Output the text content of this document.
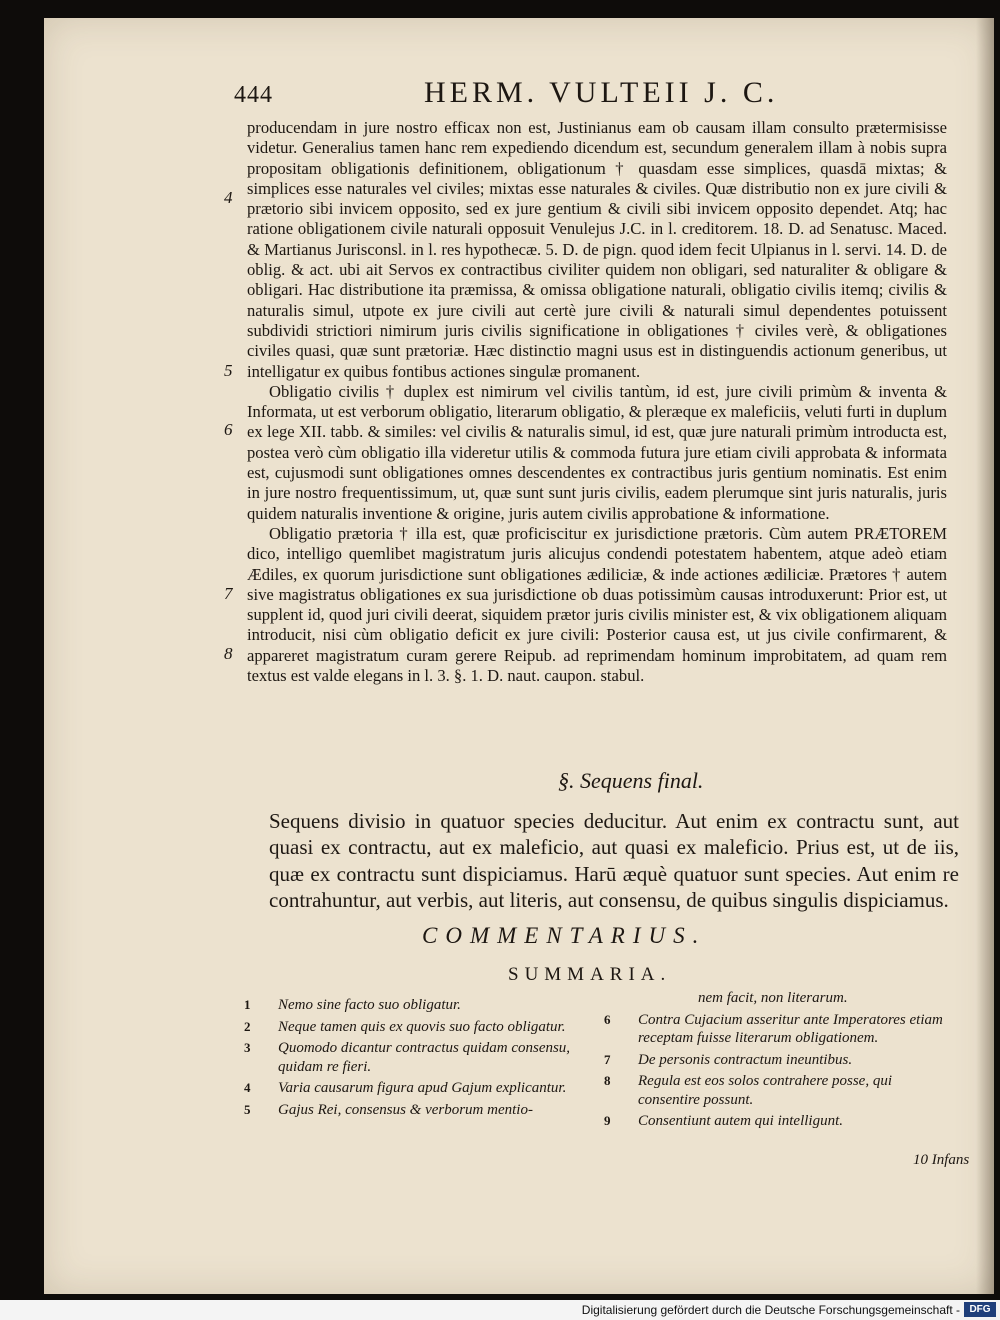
444	HERM. VULTEII J. C.
4
5
6
7
8

producendam in jure nostro efficax non est, Justinianus eam ob causam illam consulto prætermisisse videtur. Generalius tamen hanc rem expediendo dicendum est, secundum generalem illam à nobis supra propositam obligationis definitionem, obligationum † quasdam esse simplices, quasdā mixtas; & simplices esse naturales vel civiles; mixtas esse naturales & civiles. Quæ distributio non ex jure civili & prætorio sibi invicem opposito, sed ex jure gentium & civili sibi invicem opposito dependet. Atq; hac ratione obligationem civile naturali opposuit Venulejus J.C. in l. creditorem. 18. D. ad Senatusc. Maced. & Martianus Jurisconsl. in l. res hypothecæ. 5. D. de pign. quod idem fecit Ulpianus in l. servi. 14. D. de oblig. & act. ubi ait Servos ex contractibus civiliter quidem non obligari, sed naturaliter & obligare & obligari. Hac distributione ita præmissa, & omissa obligatione naturali, obligatio civilis itemq; civilis & naturalis simul, utpote ex jure civili aut certè jure civili & naturali simul dependentes potuissent subdividi strictiori nimirum juris civilis significatione in obligationes † civiles verè, & obligationes civiles quasi, quæ sunt prætoriæ. Hæc distinctio magni usus est in distinguendis actionum generibus, ut intelligatur ex quibus fontibus actiones singulæ promanent.

Obligatio civilis † duplex est nimirum vel civilis tantùm, id est, jure civili primùm & inventa & Informata, ut est verborum obligatio, literarum obligatio, & pleræque ex maleficiis, veluti furti in duplum ex lege XII. tabb. & similes: vel civilis & naturalis simul, id est, quæ jure naturali primùm introducta est, postea verò cùm obligatio illa videretur utilis & commoda futura jure etiam civili approbata & informata est, cujusmodi sunt obligationes omnes descendentes ex contractibus juris gentium nominatis. Est enim in jure nostro frequentissimum, ut, quæ sunt sunt juris civilis, eadem plerumque sint juris naturalis, juris quidem naturalis inventione & origine, juris autem civilis approbatione & informatione.

Obligatio prætoria † illa est, quæ proficiscitur ex jurisdictione prætoris. Cùm autem PRÆTOREM dico, intelligo quemlibet magistratum juris alicujus condendi potestatem habentem, atque adeò etiam Ædiles, ex quorum jurisdictione sunt obligationes ædiliciæ, & inde actiones ædiliciæ. Prætores † autem sive magistratus obligationes ex sua jurisdictione ob duas potissimùm causas introduxerunt: Prior est, ut supplent id, quod juri civili deerat, siquidem prætor juris civilis minister est, & vix obligationem aliquam introducit, nisi cùm obligatio deficit ex jure civili: Posterior causa est, ut jus civile confirmarent, & appareret magistratum curam gerere Reipub. ad reprimendam hominum improbitatem, ad quam rem textus est valde elegans in l. 3. §. 1. D. naut. caupon. stabul.

§. Sequens final.
Sequens divisio in quatuor species deducitur. Aut enim ex contractu sunt, aut quasi ex contractu, aut ex maleficio, aut quasi ex maleficio. Prius est, ut de iis, quæ ex contractu sunt dispiciamus. Harū æquè quatuor sunt species. Aut enim re contrahuntur, aut verbis, aut literis, aut consensu, de quibus singulis dispiciamus.
COMMENTARIUS.
SUMMARIA.
1	Nemo sine facto suo obligatur.
2	Neque tamen quis ex quovis suo facto obligatur.
3	Quomodo dicantur contractus quidam consensu, quidam re fieri.
4	Varia causarum figura apud Gajum explicantur.
5	Gajus Rei, consensus & verborum mentio-
nem facit, non literarum.
6	Contra Cujacium asseritur ante Imperatores etiam receptam fuisse literarum obligationem.
7	De personis contractum ineuntibus.
8	Regula est eos solos contrahere posse, qui consentire possunt.
9	Consentiunt autem qui intelligunt.
10 Infans
Digitalisierung gefördert durch die Deutsche Forschungsgemeinschaft - DFG
